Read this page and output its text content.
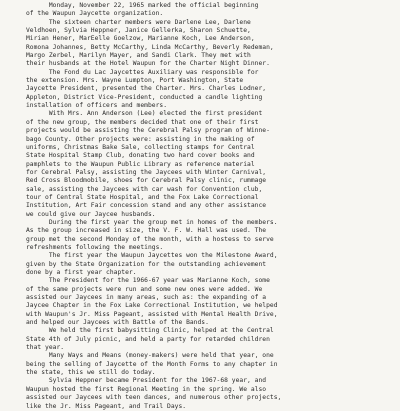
Monday, November 22, 1965 marked the official beginning
of the Waupun Jaycette organization.
The sixteen charter members were Darlene Lee, Darlene
Veldhoen, Sylvia Heppner, Janice Gellerka, Sharon Schuette,
Mirian Hener, MarEelle Goelzow, Marianne Koch, Lee Anderson,
Romona Johannes, Betty McCarthy, Linda McCarthy, Beverly Redeman,
Margo Zerbel, Marilyn Mayer, and Sandi Clark. They met with
their husbands at the Hotel Waupun for the Charter Night Dinner.
The Fond du Lac Jaycettes Auxiliary was responsible for
the extension. Mrs. Wayne Lumpton, Port Washington, State
Jaycette President, presented the Charter. Mrs. Charles Lodner,
Appleton, District Vice-President, conducted a candle lighting
installation of officers and members.
With Mrs. Ann Anderson (Lee) elected the first president
of the new group, the members decided that one of their first
projects would be assisting the Cerebral Palsy program of Winne-
bago County. Other projects were: assisting in the making of
uniforms, Christmas Bake Sale, collecting stamps for Central
State Hospital Stamp Club, donating two hard cover books and
pamphlets to the Waupun Public Library as reference material
for Cerebral Palsy, assisting the Jaycees with Winter Carnival,
Red Cross Bloodmobile, shoes for Cerebral Palsy clinic, rummage
sale, assisting the Jaycees with car wash for Convention club,
tour of Central State Hospital, and the Fox Lake Correctional
Institution, Art Fair concession stand and any other assistance
we could give our Jaycee husbands.
During the first year the group met in homes of the members.
As the group increased in size, the V. F. W. Hall was used. The
group met the second Monday of the month, with a hostess to serve
refreshments following the meetings.
The first year the Waupun Jaycettes won the Milestone Award,
given by the State Organization for the outstanding achievement
done by a first year chapter.
The President for the 1966-67 year was Marianne Koch, some
of the same projects were run and some new ones were added. We
assisted our Jaycees in many areas, such as: the expanding of a
Jaycee Chapter in the Fox Lake Correctional Institution, we helped
with Waupun's Jr. Miss Pageant, assisted with Mental Health Drive,
and helped our Jaycees with Battle of the Bands.
We held the first babysitting Clinic, helped at the Central
State 4th of July picnic, and held a party for retarded children
that year.
Many Ways and Means (money-makers) were held that year, one
being the selling of Jaycette of the Month Forms to any chapter in
the state, this we still do today.
Sylvia Heppner became President for the 1967-68 year, and
Waupun hosted the first Regional Meeting in the spring. We also
assisted our Jaycees with teen dances, and numerous other projects,
like the Jr. Miss Pageant, and Trail Days.
